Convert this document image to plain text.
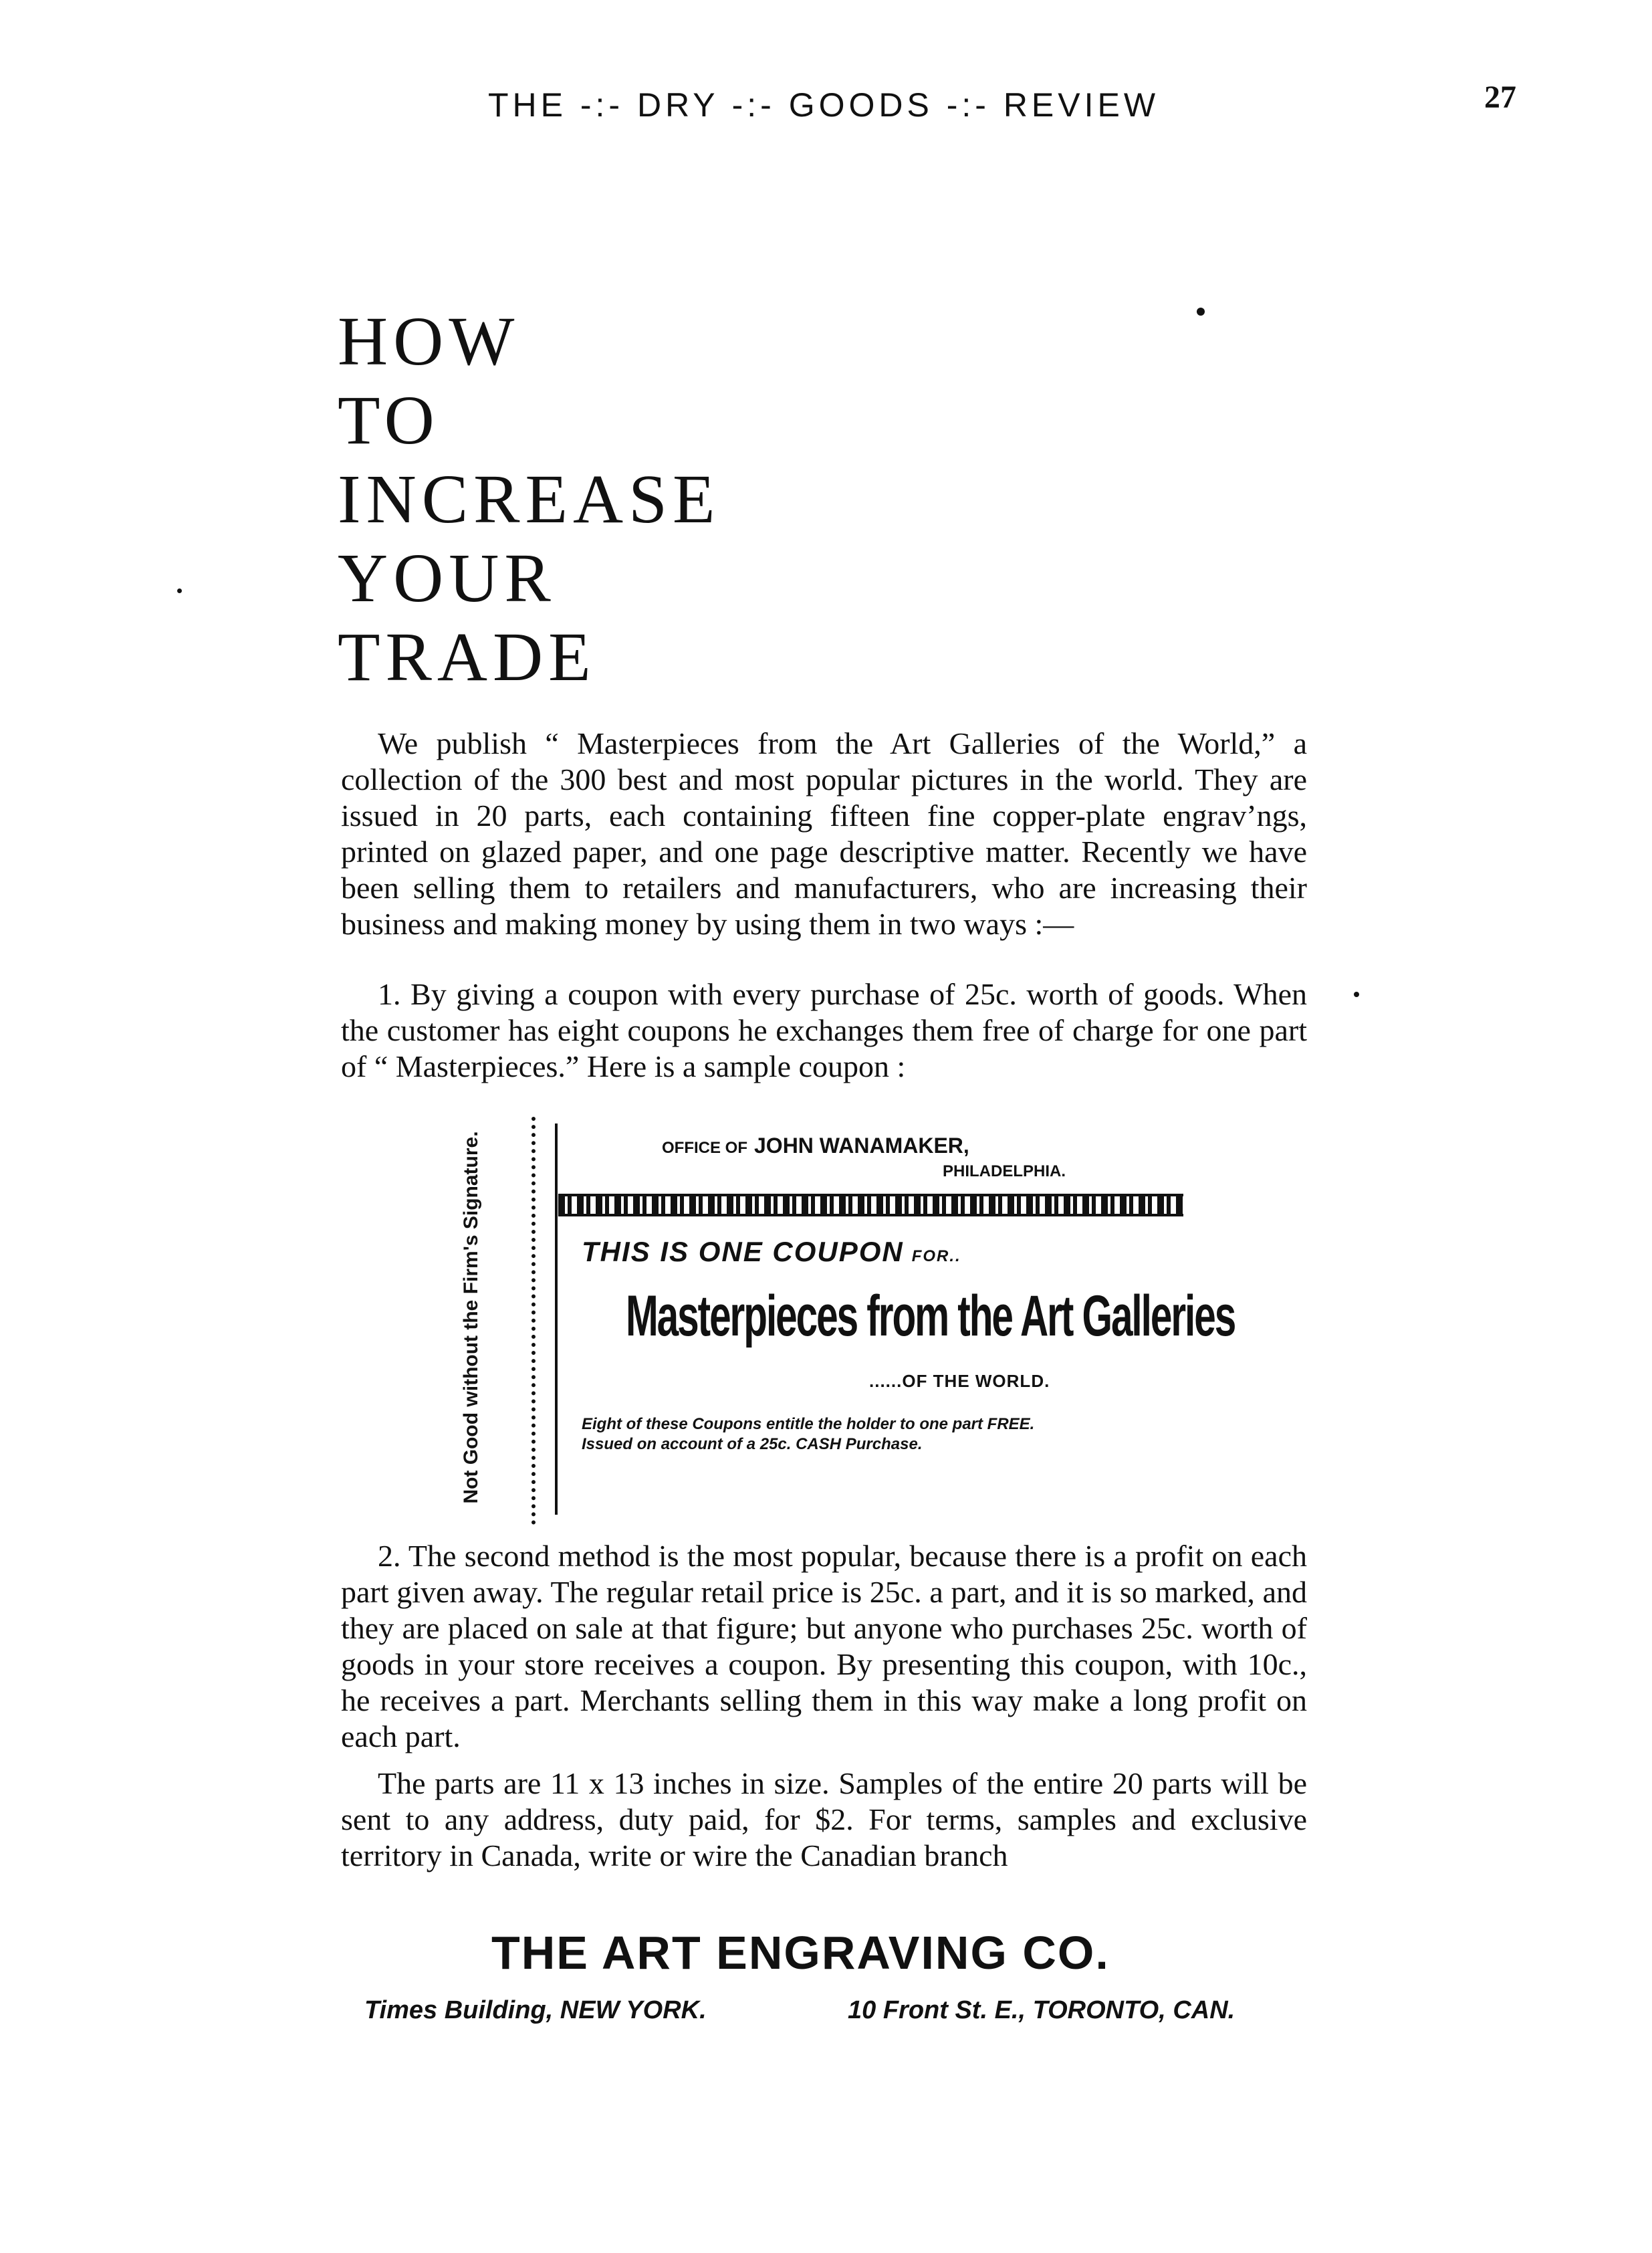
THE -:- DRY -:- GOODS -:- REVIEW	27
HOW
TO
INCREASE
YOUR
TRADE

We publish “ Masterpieces from the Art Galleries of the World,” a collection of the 300 best and most popular pictures in the world. They are issued in 20 parts, each containing fifteen fine copper-plate engrav’ngs, printed on glazed paper, and one page descriptive matter. Recently we have been selling them to retailers and manufacturers, who are increasing their business and making money by using them in two ways :—

1. By giving a coupon with every purchase of 25c. worth of goods. When the customer has eight coupons he exchanges them free of charge for one part of “ Masterpieces.” Here is a sample coupon :

Not Good without the Firm's Signature.	OFFICE OF JOHN WANAMAKER,
PHILADELPHIA.
THIS IS ONE COUPON FOR..
Masterpieces from the Art Galleries
......OF THE WORLD.
Eight of these Coupons entitle the holder to one part FREE. Issued on account of a 25c. CASH Purchase.

2. The second method is the most popular, because there is a profit on each part given away. The regular retail price is 25c. a part, and it is so marked, and they are placed on sale at that figure; but anyone who purchases 25c. worth of goods in your store receives a coupon. By presenting this coupon, with 10c., he receives a part. Merchants selling them in this way make a long profit on each part.

The parts are 11 x 13 inches in size. Samples of the entire 20 parts will be sent to any address, duty paid, for $2. For terms, samples and exclusive territory in Canada, write or wire the Canadian branch

THE ART ENGRAVING CO.
Times Building, NEW YORK.	10 Front St. E., TORONTO, CAN.
